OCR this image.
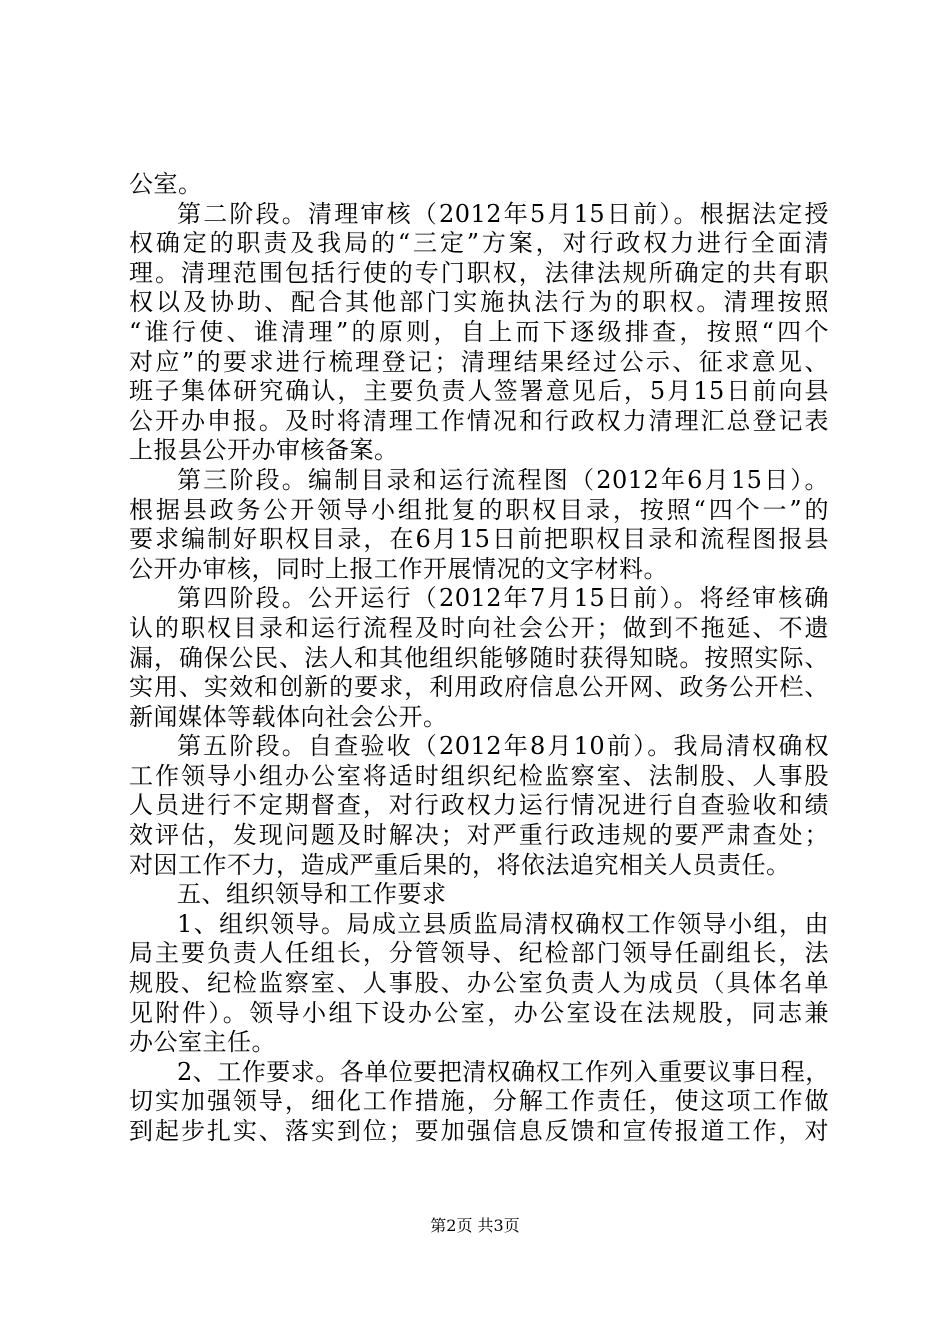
公室。
第二阶段。清理审核（2012年5月15日前）。根据法定授
权确定的职责及我局的“三定”方案，对行政权力进行全面清
理。清理范围包括行使的专门职权，法律法规所确定的共有职
权以及协助、配合其他部门实施执法行为的职权。清理按照
“谁行使、谁清理”的原则，自上而下逐级排查，按照“四个
对应”的要求进行梳理登记；清理结果经过公示、征求意见、
班子集体研究确认，主要负责人签署意见后，5月15日前向县
公开办申报。及时将清理工作情况和行政权力清理汇总登记表
上报县公开办审核备案。
第三阶段。编制目录和运行流程图（2012年6月15日）。
根据县政务公开领导小组批复的职权目录，按照“四个一”的
要求编制好职权目录，在6月15日前把职权目录和流程图报县
公开办审核，同时上报工作开展情况的文字材料。
第四阶段。公开运行（2012年7月15日前）。将经审核确
认的职权目录和运行流程及时向社会公开；做到不拖延、不遗
漏，确保公民、法人和其他组织能够随时获得知晓。按照实际、
实用、实效和创新的要求，利用政府信息公开网、政务公开栏、
新闻媒体等载体向社会公开。
第五阶段。自查验收（2012年8月10前）。我局清权确权
工作领导小组办公室将适时组织纪检监察室、法制股、人事股
人员进行不定期督查，对行政权力运行情况进行自查验收和绩
效评估，发现问题及时解决；对严重行政违规的要严肃查处；
对因工作不力，造成严重后果的，将依法追究相关人员责任。
五、组织领导和工作要求
1、组织领导。局成立县质监局清权确权工作领导小组，由
局主要负责人任组长，分管领导、纪检部门领导任副组长，法
规股、纪检监察室、人事股、办公室负责人为成员（具体名单
见附件）。领导小组下设办公室，办公室设在法规股，同志兼
办公室主任。
2、工作要求。各单位要把清权确权工作列入重要议事日程，
切实加强领导，细化工作措施，分解工作责任，使这项工作做
到起步扎实、落实到位；要加强信息反馈和宣传报道工作，对
第2页 共3页
